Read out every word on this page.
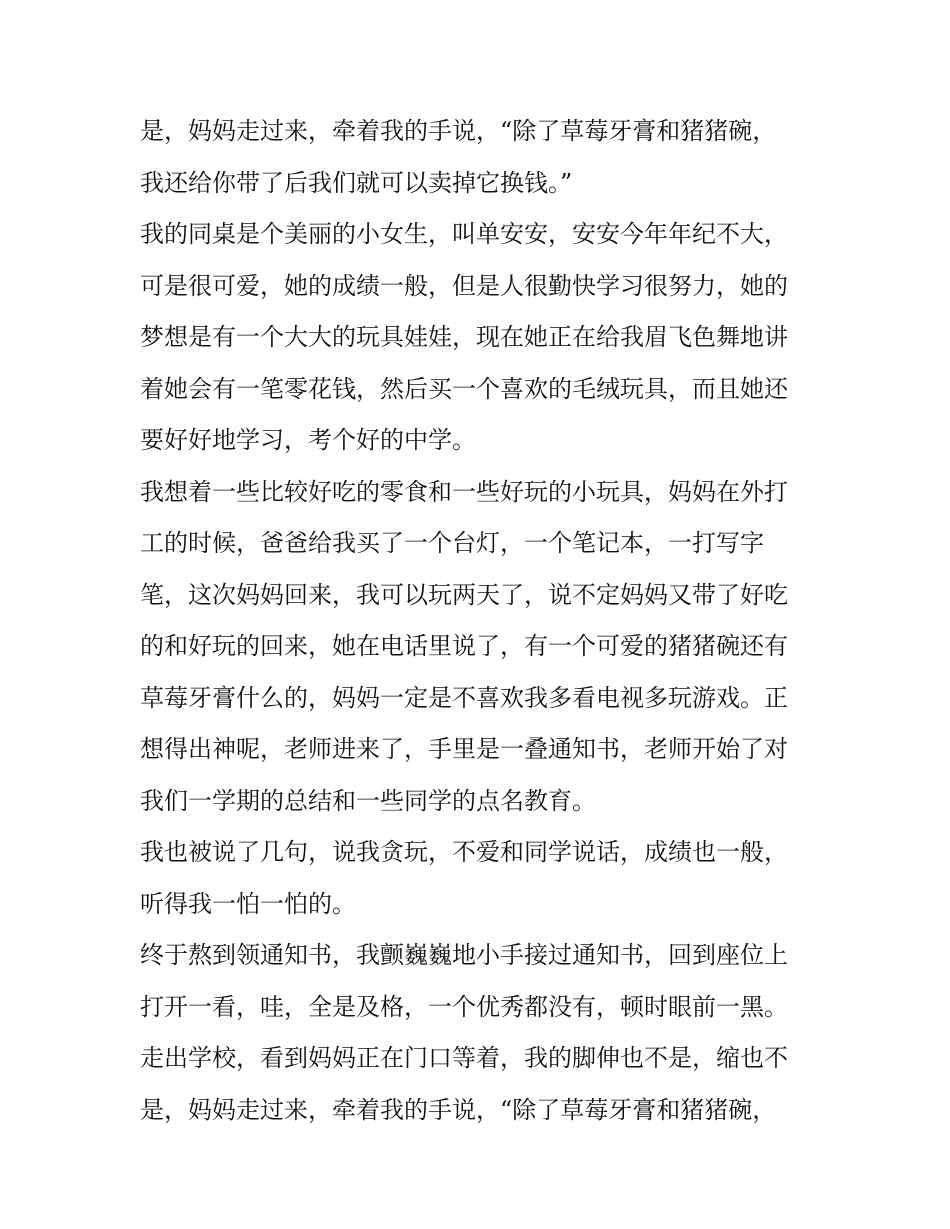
是，妈妈走过来，牵着我的手说，“除了草莓牙膏和猪猪碗，
我还给你带了后我们就可以卖掉它换钱。”
我的同桌是个美丽的小女生，叫单安安，安安今年年纪不大，
可是很可爱，她的成绩一般，但是人很勤快学习很努力，她的
梦想是有一个大大的玩具娃娃，现在她正在给我眉飞色舞地讲
着她会有一笔零花钱，然后买一个喜欢的毛绒玩具，而且她还
要好好地学习，考个好的中学。
我想着一些比较好吃的零食和一些好玩的小玩具，妈妈在外打
工的时候，爸爸给我买了一个台灯，一个笔记本，一打写字
笔，这次妈妈回来，我可以玩两天了，说不定妈妈又带了好吃
的和好玩的回来，她在电话里说了，有一个可爱的猪猪碗还有
草莓牙膏什么的，妈妈一定是不喜欢我多看电视多玩游戏。正
想得出神呢，老师进来了，手里是一叠通知书，老师开始了对
我们一学期的总结和一些同学的点名教育。
我也被说了几句，说我贪玩，不爱和同学说话，成绩也一般，
听得我一怕一怕的。
终于熬到领通知书，我颤巍巍地小手接过通知书，回到座位上
打开一看，哇，全是及格，一个优秀都没有，顿时眼前一黑。
走出学校，看到妈妈正在门口等着，我的脚伸也不是，缩也不
是，妈妈走过来，牵着我的手说，“除了草莓牙膏和猪猪碗，
